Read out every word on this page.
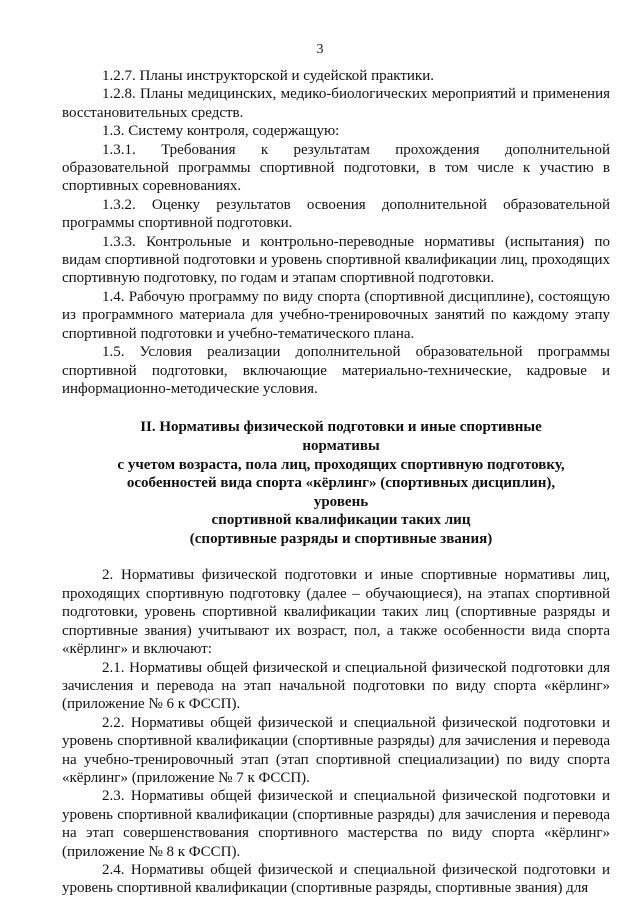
3

1.2.7. Планы инструкторской и судейской практики.

1.2.8. Планы медицинских, медико-биологических мероприятий и применения восстановительных средств.

1.3. Систему контроля, содержащую:

1.3.1. Требования к результатам прохождения дополнительной образовательной программы спортивной подготовки, в том числе к участию в спортивных соревнованиях.

1.3.2. Оценку результатов освоения дополнительной образовательной программы спортивной подготовки.

1.3.3. Контрольные и контрольно-переводные нормативы (испытания) по видам спортивной подготовки и уровень спортивной квалификации лиц, проходящих спортивную подготовку, по годам и этапам спортивной подготовки.

1.4. Рабочую программу по виду спорта (спортивной дисциплине), состоящую из программного материала для учебно-тренировочных занятий по каждому этапу спортивной подготовки и учебно-тематического плана.

1.5. Условия реализации дополнительной образовательной программы спортивной подготовки, включающие материально-технические, кадровые и информационно-методические условия.

II. Нормативы физической подготовки и иные спортивные нормативы
с учетом возраста, пола лиц, проходящих спортивную подготовку,
особенностей вида спорта «кёрлинг» (спортивных дисциплин), уровень
спортивной квалификации таких лиц
(спортивные разряды и спортивные звания)

2. Нормативы физической подготовки и иные спортивные нормативы лиц, проходящих спортивную подготовку (далее – обучающиеся), на этапах спортивной подготовки, уровень спортивной квалификации таких лиц (спортивные разряды и спортивные звания) учитывают их возраст, пол, а также особенности вида спорта «кёрлинг» и включают:

2.1. Нормативы общей физической и специальной физической подготовки для зачисления и перевода на этап начальной подготовки по виду спорта «кёрлинг» (приложение № 6 к ФССП).

2.2. Нормативы общей физической и специальной физической подготовки и уровень спортивной квалификации (спортивные разряды) для зачисления и перевода на учебно-тренировочный этап (этап спортивной специализации) по виду спорта «кёрлинг» (приложение № 7 к ФССП).

2.3. Нормативы общей физической и специальной физической подготовки и уровень спортивной квалификации (спортивные разряды) для зачисления и перевода на этап совершенствования спортивного мастерства по виду спорта «кёрлинг» (приложение № 8 к ФССП).

2.4. Нормативы общей физической и специальной физической подготовки и уровень спортивной квалификации (спортивные разряды, спортивные звания) для
